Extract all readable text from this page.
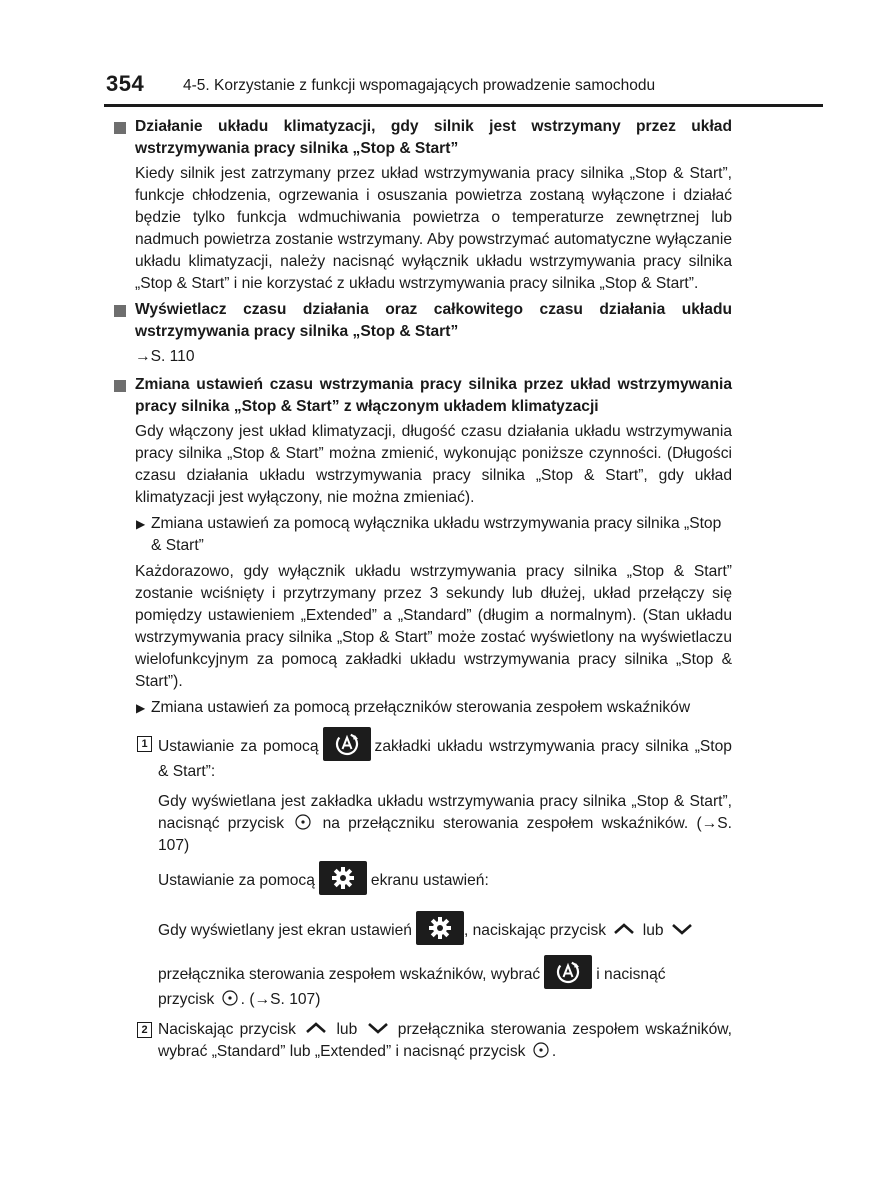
354	4-5. Korzystanie z funkcji wspomagających prowadzenie samochodu
Działanie układu klimatyzacji, gdy silnik jest wstrzymany przez układ wstrzymywania pracy silnika „Stop & Start”
Kiedy silnik jest zatrzymany przez układ wstrzymywania pracy silnika „Stop & Start”, funkcje chłodzenia, ogrzewania i osuszania powietrza zostaną wyłączone i działać będzie tylko funkcja wdmuchiwania powietrza o temperaturze zewnętrznej lub nadmuch powietrza zostanie wstrzymany. Aby powstrzymać automatyczne wyłączanie układu klimatyzacji, należy nacisnąć wyłącznik układu wstrzymywania pracy silnika „Stop & Start” i nie korzystać z układu wstrzymywania pracy silnika „Stop & Start”.
Wyświetlacz czasu działania oraz całkowitego czasu działania układu wstrzymywania pracy silnika „Stop & Start”
→S. 110
Zmiana ustawień czasu wstrzymania pracy silnika przez układ wstrzymywania pracy silnika „Stop & Start” z włączonym układem klimatyzacji
Gdy włączony jest układ klimatyzacji, długość czasu działania układu wstrzymywania pracy silnika „Stop & Start” można zmienić, wykonując poniższe czynności. (Długości czasu działania układu wstrzymywania pracy silnika „Stop & Start”, gdy układ klimatyzacji jest wyłączony, nie można zmieniać).
▶ Zmiana ustawień za pomocą wyłącznika układu wstrzymywania pracy silnika „Stop & Start”
Każdorazowo, gdy wyłącznik układu wstrzymywania pracy silnika „Stop & Start” zostanie wciśnięty i przytrzymany przez 3 sekundy lub dłużej, układ przełączy się pomiędzy ustawieniem „Extended” a „Standard” (długim a normalnym). (Stan układu wstrzymywania pracy silnika „Stop & Start” może zostać wyświetlony na wyświetlaczu wielofunkcyjnym za pomocą zakładki układu wstrzymywania pracy silnika „Stop & Start”).
▶ Zmiana ustawień za pomocą przełączników sterowania zespołem wskaźników
1 Ustawianie za pomocą	zakładki układu wstrzymywania pracy silnika „Stop & Start”:
Gdy wyświetlana jest zakładka układu wstrzymywania pracy silnika „Stop & Start”, nacisnąć przycisk na przełączniku sterowania zespołem wskaźników. (→S. 107)
Ustawianie za pomocą	ekranu ustawień:
Gdy wyświetlany jest ekran ustawień	, naciskając przycisk lub
przełącznika sterowania zespołem wskaźników, wybrać	i nacisnąć
przycisk . (→S. 107)
2 Naciskając przycisk	lub	przełącznika sterowania zespołem wskaźników, wybrać „Standard” lub „Extended” i nacisnąć przycisk .
